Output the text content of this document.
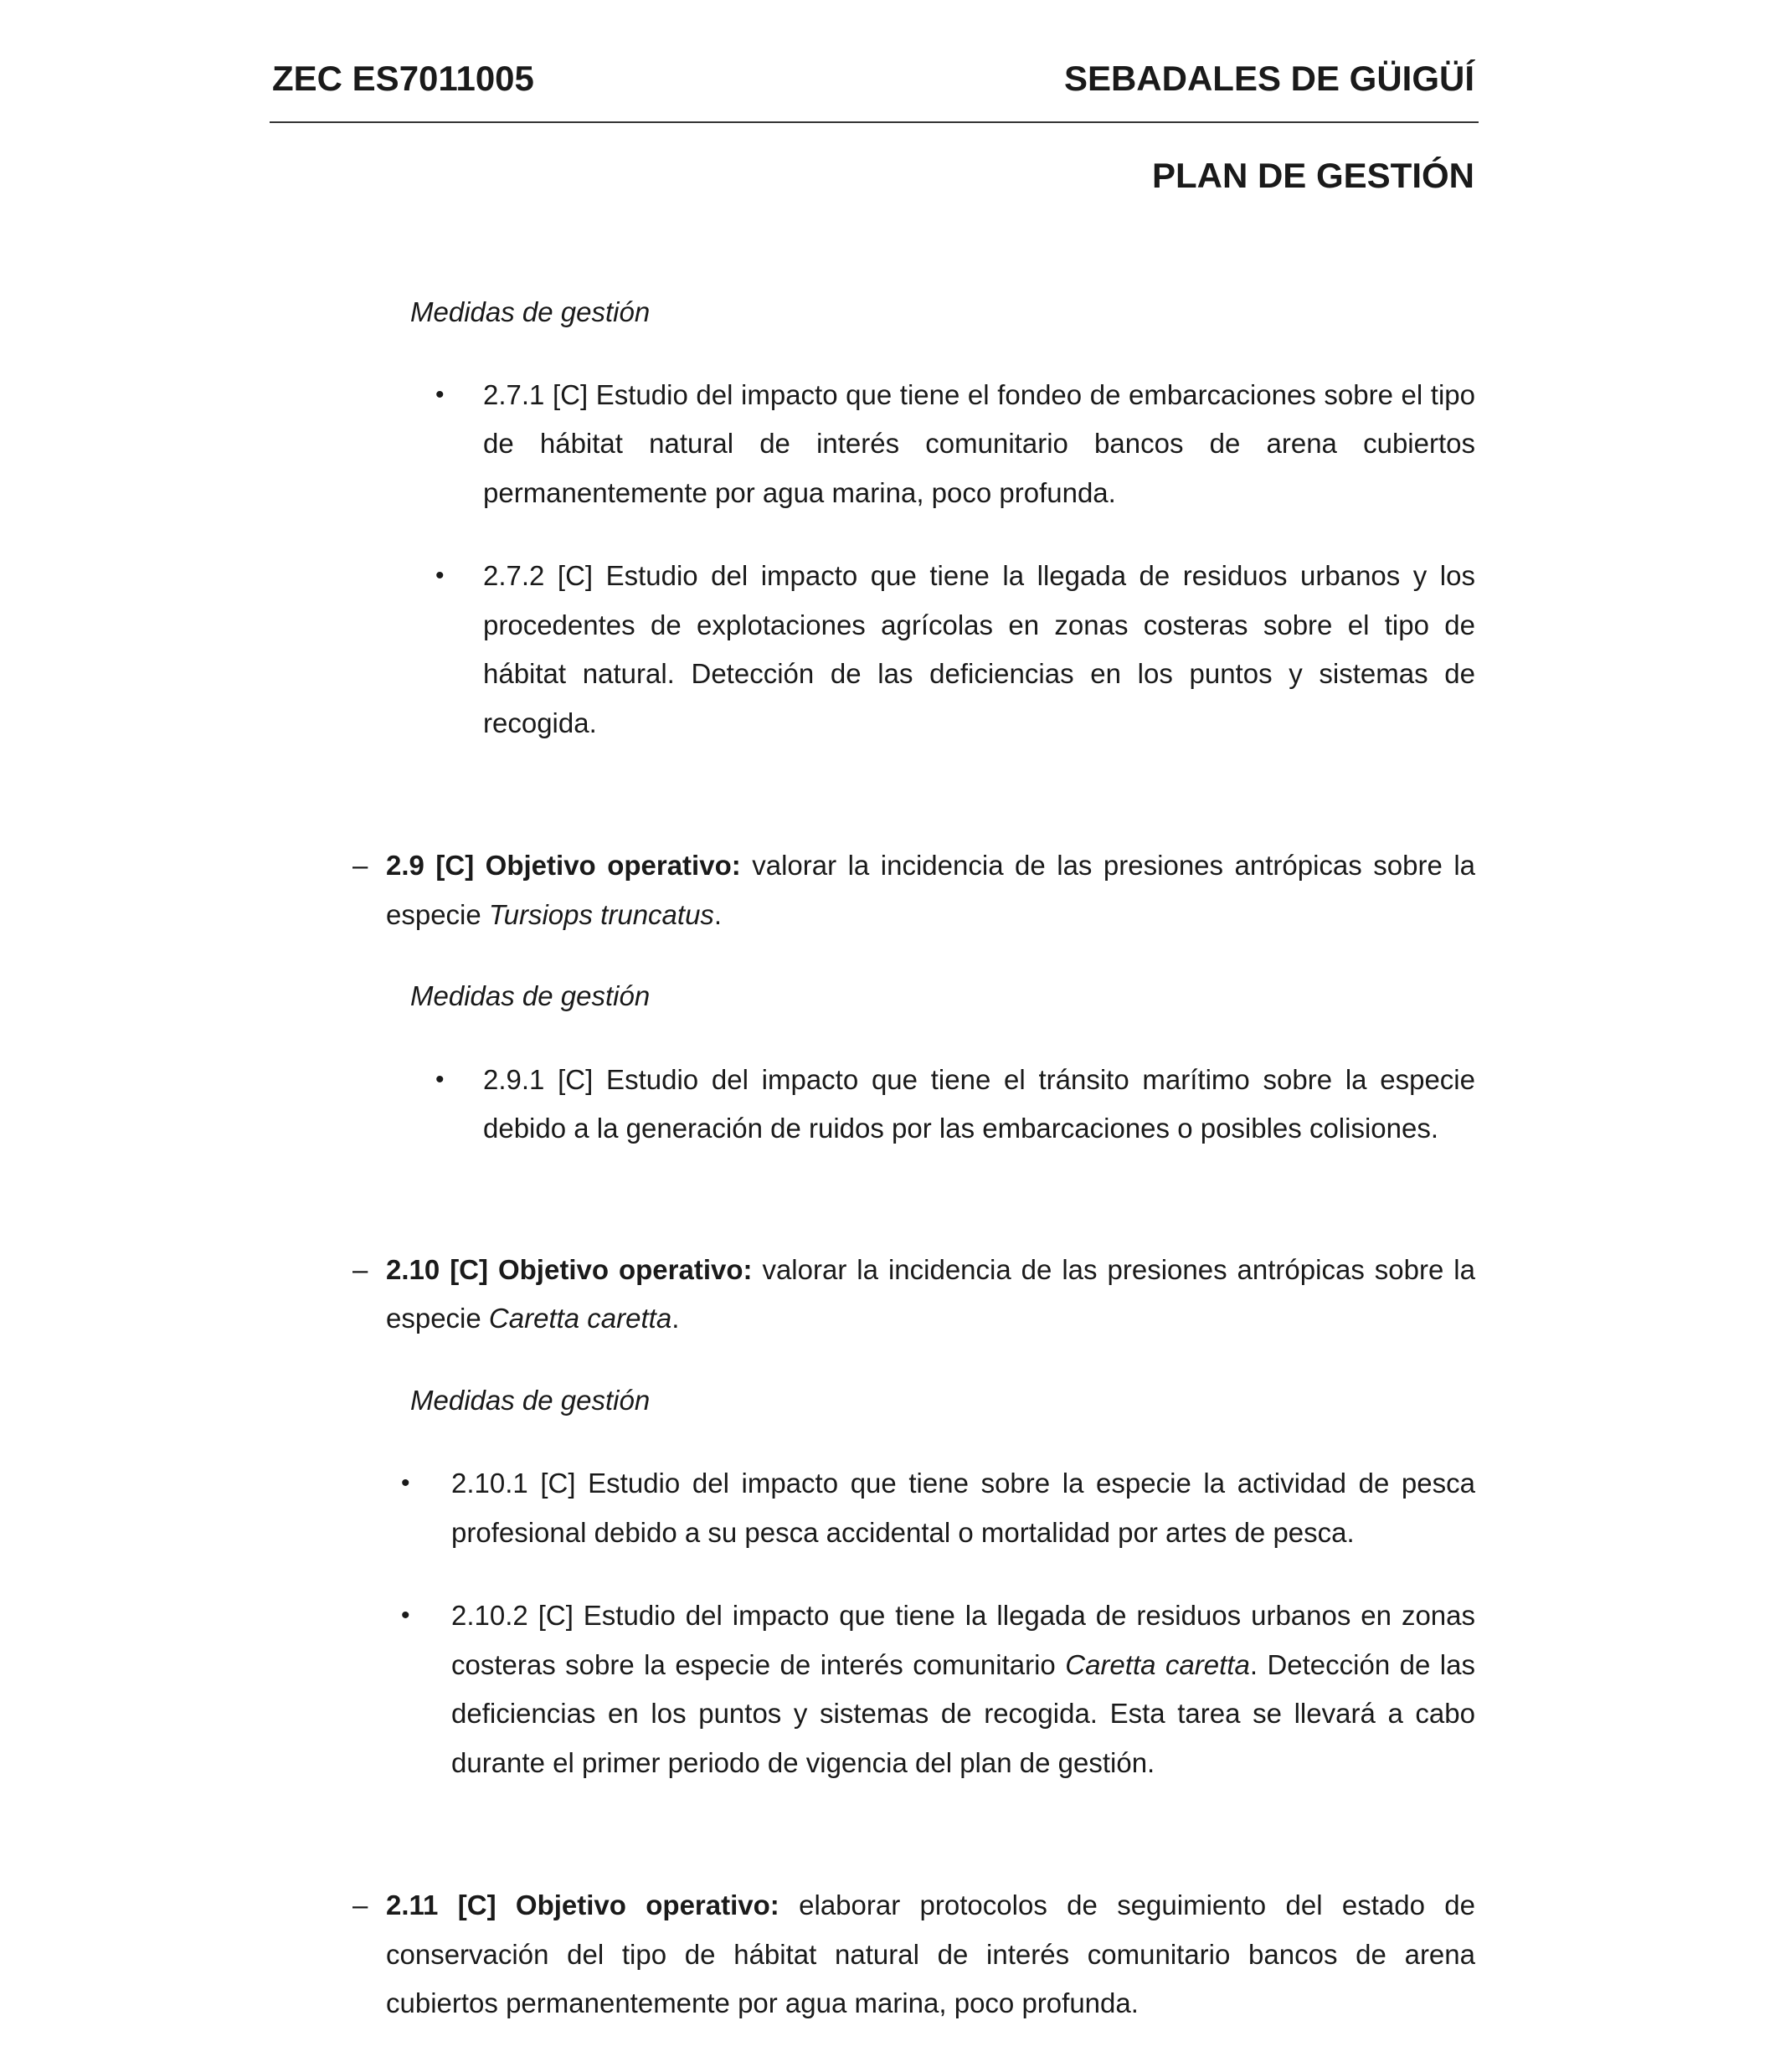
ZEC ES7011005	SEBADALES DE GÜIGÜÍ
PLAN DE GESTIÓN

Medidas de gestión

• 2.7.1 [C] Estudio del impacto que tiene el fondeo de embarcaciones sobre el tipo de hábitat natural de interés comunitario bancos de arena cubiertos permanentemente por agua marina, poco profunda.
• 2.7.2 [C] Estudio del impacto que tiene la llegada de residuos urbanos y los procedentes de explotaciones agrícolas en zonas costeras sobre el tipo de hábitat natural. Detección de las deficiencias en los puntos y sistemas de recogida.
– 2.9 [C] Objetivo operativo: valorar la incidencia de las presiones antrópicas sobre la especie Tursiops truncatus.

Medidas de gestión

• 2.9.1 [C] Estudio del impacto que tiene el tránsito marítimo sobre la especie debido a la generación de ruidos por las embarcaciones o posibles colisiones.
– 2.10 [C] Objetivo operativo: valorar la incidencia de las presiones antrópicas sobre la especie Caretta caretta.

Medidas de gestión

• 2.10.1 [C] Estudio del impacto que tiene sobre la especie la actividad de pesca profesional debido a su pesca accidental o mortalidad por artes de pesca.
• 2.10.2 [C] Estudio del impacto que tiene la llegada de residuos urbanos en zonas costeras sobre la especie de interés comunitario Caretta caretta. Detección de las deficiencias en los puntos y sistemas de recogida. Esta tarea se llevará a cabo durante el primer periodo de vigencia del plan de gestión.
– 2.11 [C] Objetivo operativo: elaborar protocolos de seguimiento del estado de conservación del tipo de hábitat natural de interés comunitario bancos de arena cubiertos permanentemente por agua marina, poco profunda.
